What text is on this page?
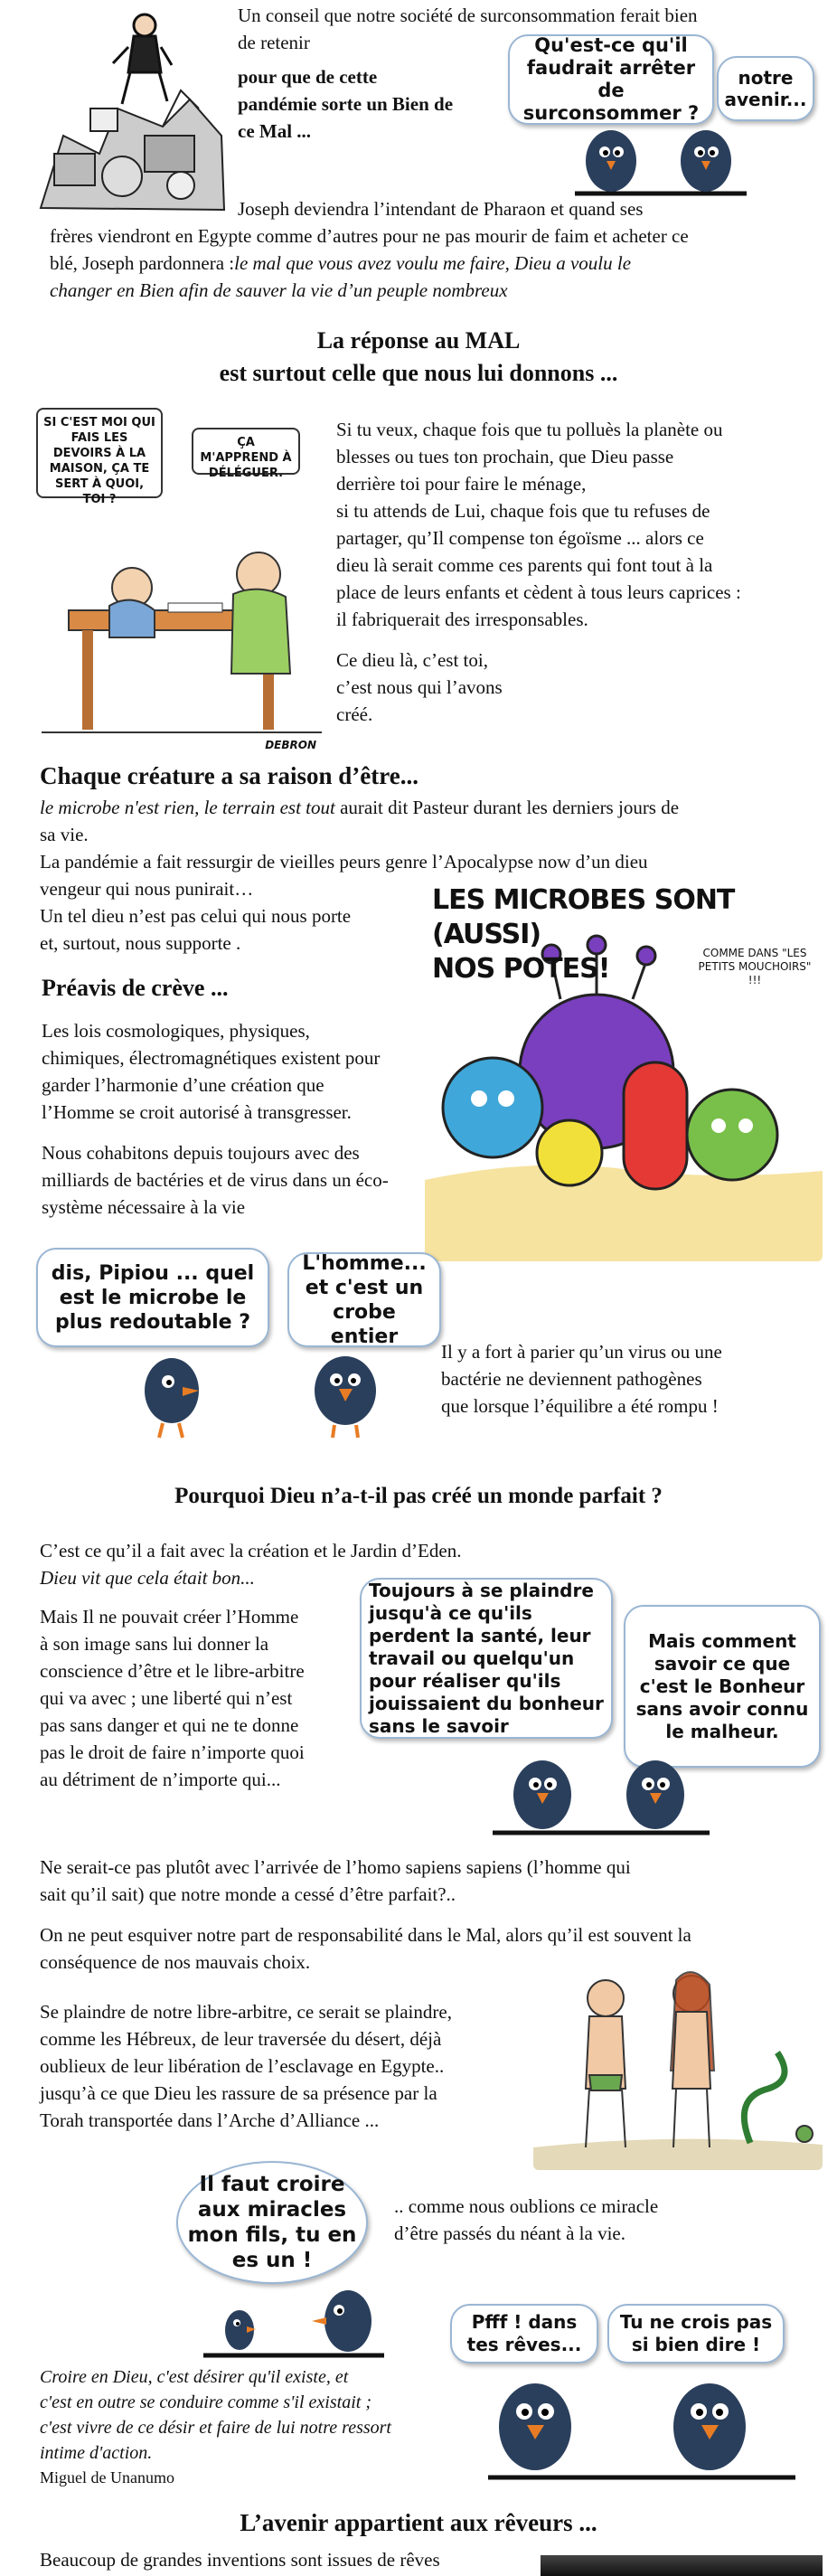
Un conseil que notre société de surconsommation ferait bien
de retenir
pour que de cette
pandémie sorte un Bien de
ce Mal ...
Qu'est-ce qu'il faudrait arrêter de surconsommer ?
notre avenir...
Joseph deviendra l’intendant de Pharaon et quand ses
frères viendront en Egypte comme d’autres pour ne pas mourir de faim et acheter ce
blé, Joseph pardonnera :le mal que vous avez voulu me faire, Dieu a voulu le
changer en Bien afin de sauver la vie d’un peuple nombreux
La réponse au MAL
est surtout celle que nous lui donnons ...
SI C'EST MOI QUI FAIS LES DEVOIRS À LA MAISON, ÇA TE SERT À QUOI, TOI ?
ÇA M'APPREND À DÉLÉGUER.
DEBRON
Si tu veux, chaque fois que tu polluès la planète ou
blesses ou tues ton prochain, que Dieu passe
derrière toi pour faire le ménage,
si tu attends de Lui, chaque fois que tu refuses de
partager, qu’Il compense ton égoïsme ... alors ce
dieu là serait comme ces parents qui font tout à la
place de leurs enfants et cèdent à tous leurs caprices :
il fabriquerait des irresponsables.
Ce dieu là, c’est toi,
c’est nous qui l’avons
créé.
Chaque créature a sa raison d’être...
le microbe n'est rien, le terrain est tout aurait dit Pasteur durant les derniers jours de
sa vie.
La pandémie a fait ressurgir de vieilles peurs genre l’Apocalypse now d’un dieu
vengeur qui nous punirait…
Un tel dieu n’est pas celui qui nous porte
et, surtout, nous supporte .
LES MICROBES SONT (AUSSI)
NOS POTES!	COMME DANS "LES PETITS MOUCHOIRS" !!!
Préavis de crève ...
Les lois cosmologiques, physiques,
chimiques, électromagnétiques existent pour
garder l’harmonie d’une création que
l’Homme se croit autorisé à transgresser.
Nous cohabitons depuis toujours avec des
milliards de bactéries et de virus dans un éco-
système nécessaire à la vie
dis, Pipiou ... quel est le microbe le plus redoutable ?
L'homme... et c'est un crobe entier
Il y a fort à parier qu’un virus ou une
bactérie ne deviennent pathogènes
que lorsque l’équilibre a été rompu !
Pourquoi Dieu n’a-t-il pas créé un monde parfait ?
C’est ce qu’il a fait avec la création et le Jardin d’Eden.
Dieu vit que cela était bon...
Mais Il ne pouvait créer l’Homme
à son image sans lui donner la
conscience d’être et le libre-arbitre
qui va avec ; une liberté qui n’est
pas sans danger et qui ne te donne
pas le droit de faire n’importe quoi
au détriment de n’importe qui...
Toujours à se plaindre jusqu'à ce qu'ils perdent la santé, leur travail ou quelqu'un pour réaliser qu'ils jouissaient du bonheur sans le savoir
Mais comment savoir ce que c'est le Bonheur sans avoir connu le malheur.
Ne serait-ce pas plutôt avec l’arrivée de l’homo sapiens sapiens (l’homme qui
sait qu’il sait) que notre monde a cessé d’être parfait?..
On ne peut esquiver notre part de responsabilité dans le Mal, alors qu’il est souvent la
conséquence de nos mauvais choix.
Se plaindre de notre libre-arbitre, ce serait se plaindre,
comme les Hébreux, de leur traversée du désert, déjà
oublieux de leur libération de l’esclavage en Egypte..
jusqu’à ce que Dieu les rassure de sa présence par la
Torah transportée dans l’Arche d’Alliance ...
Il faut croire aux miracles mon fils, tu en es un !
.. comme nous oublions ce miracle
d’être passés du néant à la vie.
Pfff ! dans tes rêves...
Tu ne crois pas si bien dire !
Croire en Dieu, c'est désirer qu'il existe, et
c'est en outre se conduire comme s'il existait ;
c'est vivre de ce désir et faire de lui notre ressort
intime d'action.
Miguel de Unanumo
L’avenir appartient aux rêveurs ...
Beaucoup de grandes inventions sont issues de rêves
